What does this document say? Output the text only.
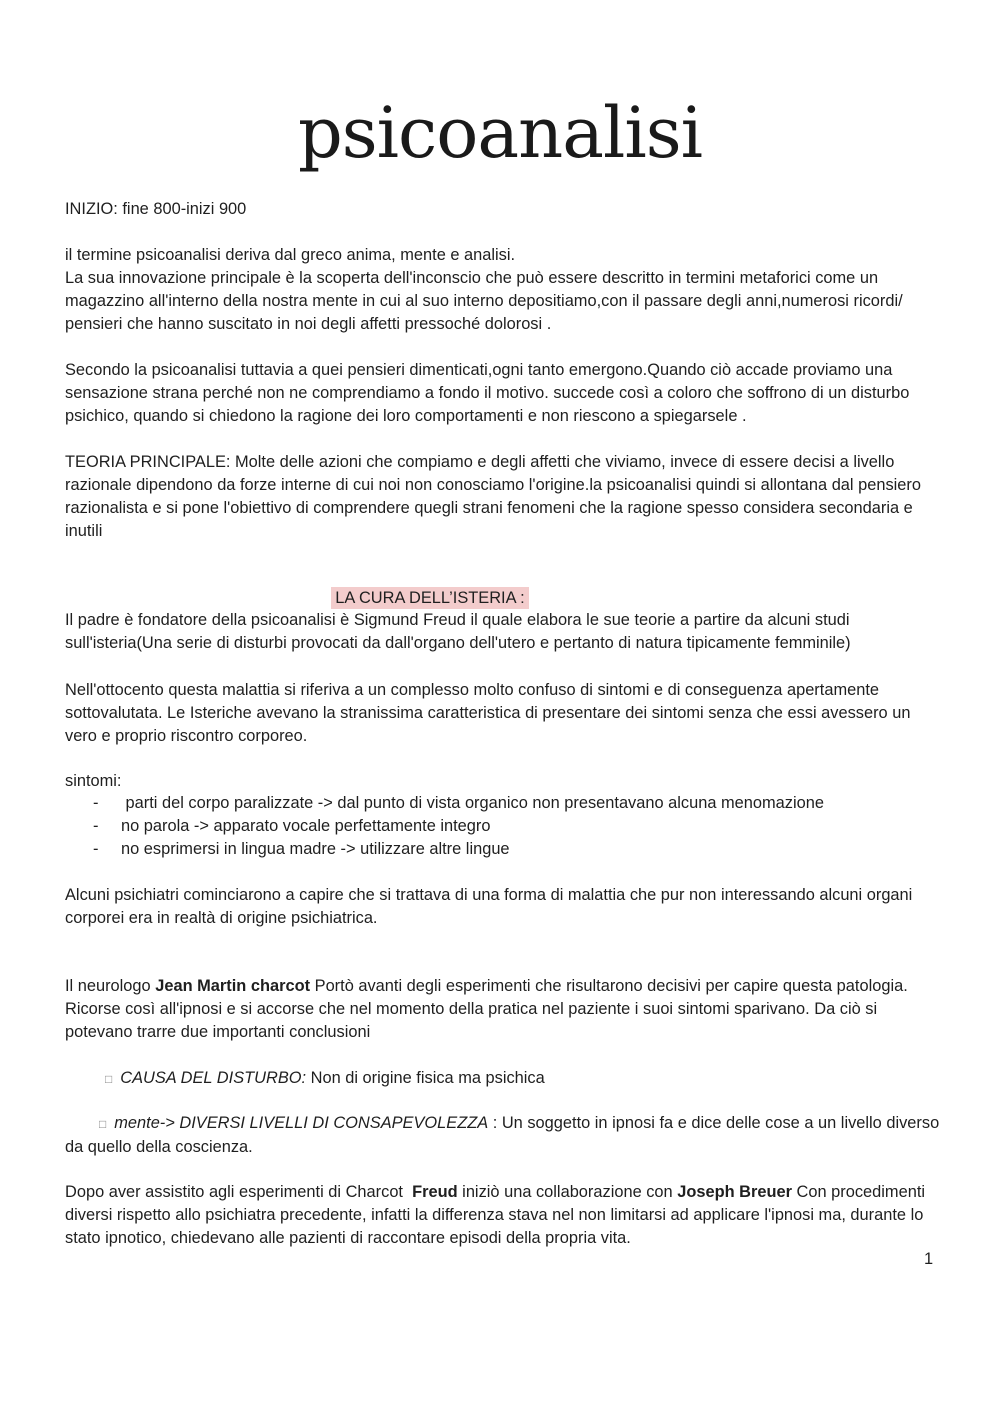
psicoanalisi

INIZIO: fine 800-inizi 900

il termine psicoanalisi deriva dal greco anima, mente e analisi.
La sua innovazione principale è la scoperta dell'inconscio che può essere descritto in termini metaforici come un magazzino all'interno della nostra mente in cui al suo interno depositiamo,con il passare degli anni,numerosi ricordi/ pensieri che hanno suscitato in noi degli affetti pressoché dolorosi .

Secondo la psicoanalisi tuttavia a quei pensieri dimenticati,ogni tanto emergono.Quando ciò accade proviamo una sensazione strana perché non ne comprendiamo a fondo il motivo. succede così a coloro che soffrono di un disturbo psichico, quando si chiedono la ragione dei loro comportamenti e non riescono a spiegarsele .

TEORIA PRINCIPALE: Molte delle azioni che compiamo e degli affetti che viviamo, invece di essere decisi a livello razionale dipendono da forze interne di cui noi non conosciamo l'origine.la psicoanalisi quindi si allontana dal pensiero razionalista e si pone l'obiettivo di comprendere quegli strani fenomeni che la ragione spesso considera secondaria e inutili

LA CURA DELL’ISTERIA :

Il padre è fondatore della psicoanalisi è Sigmund Freud il quale elabora le sue teorie a partire da alcuni studi sull'isteria(Una serie di disturbi provocati da dall'organo dell'utero e pertanto di natura tipicamente femminile)

Nell'ottocento questa malattia si riferiva a un complesso molto confuso di sintomi e di conseguenza apertamente sottovalutata. Le Isteriche avevano la stranissima caratteristica di presentare dei sintomi senza che essi avessero un vero e proprio riscontro corporeo.

sintomi:

- parti del corpo paralizzate -> dal punto di vista organico non presentavano alcuna menomazione
- no parola -> apparato vocale perfettamente integro
- no esprimersi in lingua madre -> utilizzare altre lingue

Alcuni psichiatri cominciarono a capire che si trattava di una forma di malattia che pur non interessando alcuni organi corporei era in realtà di origine psichiatrica.

Il neurologo Jean Martin charcot Portò avanti degli esperimenti che risultarono decisivi per capire questa patologia. Ricorse così all'ipnosi e si accorse che nel momento della pratica nel paziente i suoi sintomi sparivano. Da ciò si potevano trarre due importanti conclusioni

□ CAUSA DEL DISTURBO: Non di origine fisica ma psichica

□ mente-> DIVERSI LIVELLI DI CONSAPEVOLEZZA : Un soggetto in ipnosi fa e dice delle cose a un livello diverso da quello della coscienza.

Dopo aver assistito agli esperimenti di Charcot  Freud iniziò una collaborazione con Joseph Breuer Con procedimenti diversi rispetto allo psichiatra precedente, infatti la differenza stava nel non limitarsi ad applicare l'ipnosi ma, durante lo stato ipnotico, chiedevano alle pazienti di raccontare episodi della propria vita.

1
